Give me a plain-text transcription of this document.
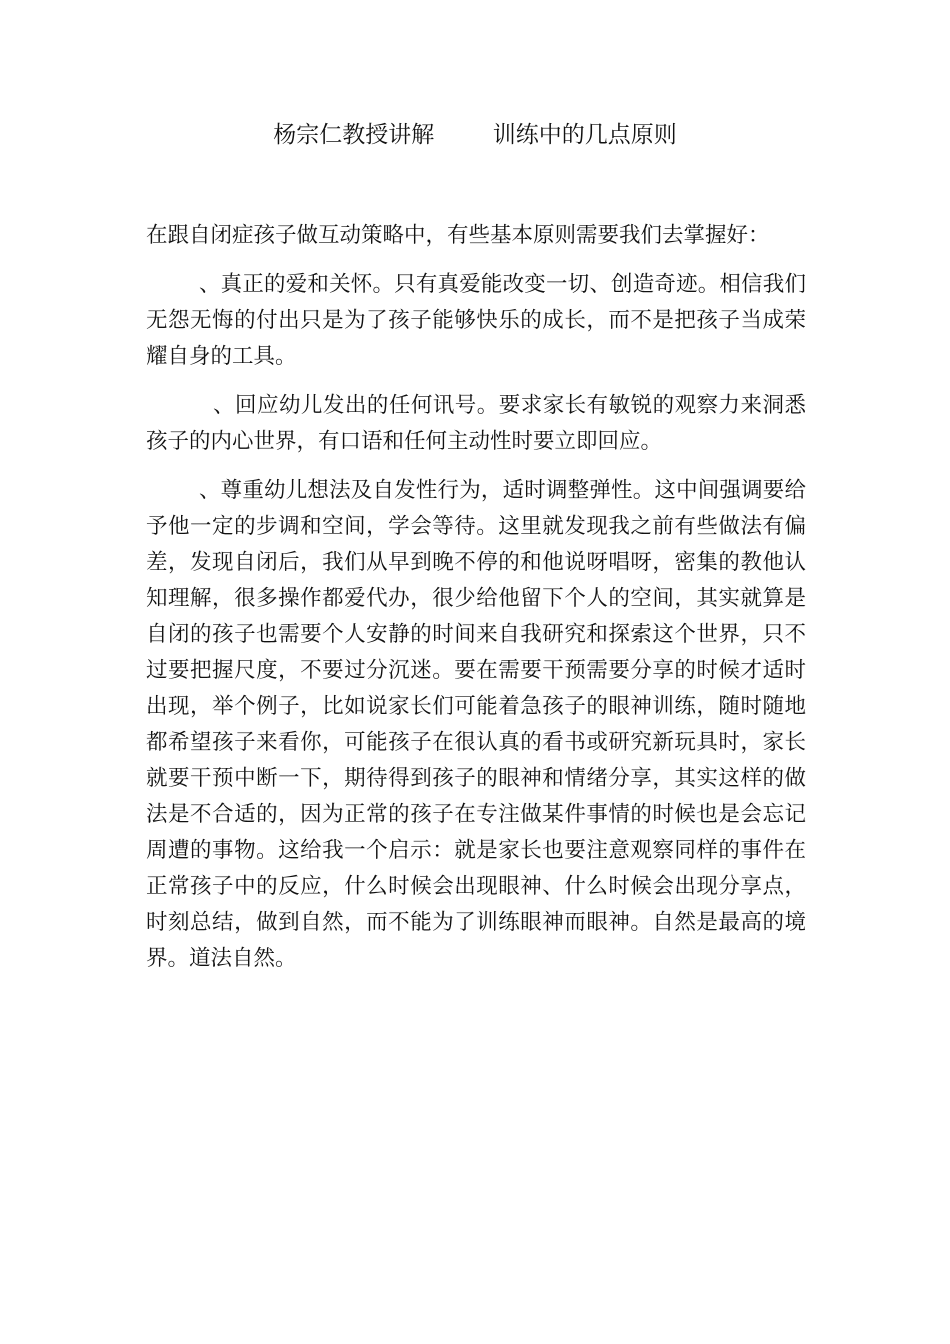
杨宗仁教授讲解        训练中的几点原则

在跟自闭症孩子做互动策略中，有些基本原则需要我们去掌握好：

、真正的爱和关怀。只有真爱能改变一切、创造奇迹。相信我们无怨无悔的付出只是为了孩子能够快乐的成长，而不是把孩子当成荣耀自身的工具。

、回应幼儿发出的任何讯号。要求家长有敏锐的观察力来洞悉孩子的内心世界，有口语和任何主动性时要立即回应。

、尊重幼儿想法及自发性行为，适时调整弹性。这中间强调要给予他一定的步调和空间，学会等待。这里就发现我之前有些做法有偏差，发现自闭后，我们从早到晚不停的和他说呀唱呀，密集的教他认知理解，很多操作都爱代办，很少给他留下个人的空间，其实就算是自闭的孩子也需要个人安静的时间来自我研究和探索这个世界，只不过要把握尺度，不要过分沉迷。要在需要干预需要分享的时候才适时出现，举个例子，比如说家长们可能着急孩子的眼神训练，随时随地都希望孩子来看你，可能孩子在很认真的看书或研究新玩具时，家长就要干预中断一下，期待得到孩子的眼神和情绪分享，其实这样的做法是不合适的，因为正常的孩子在专注做某件事情的时候也是会忘记周遭的事物。这给我一个启示：就是家长也要注意观察同样的事件在正常孩子中的反应，什么时候会出现眼神、什么时候会出现分享点，时刻总结，做到自然，而不能为了训练眼神而眼神。自然是最高的境界。道法自然。
